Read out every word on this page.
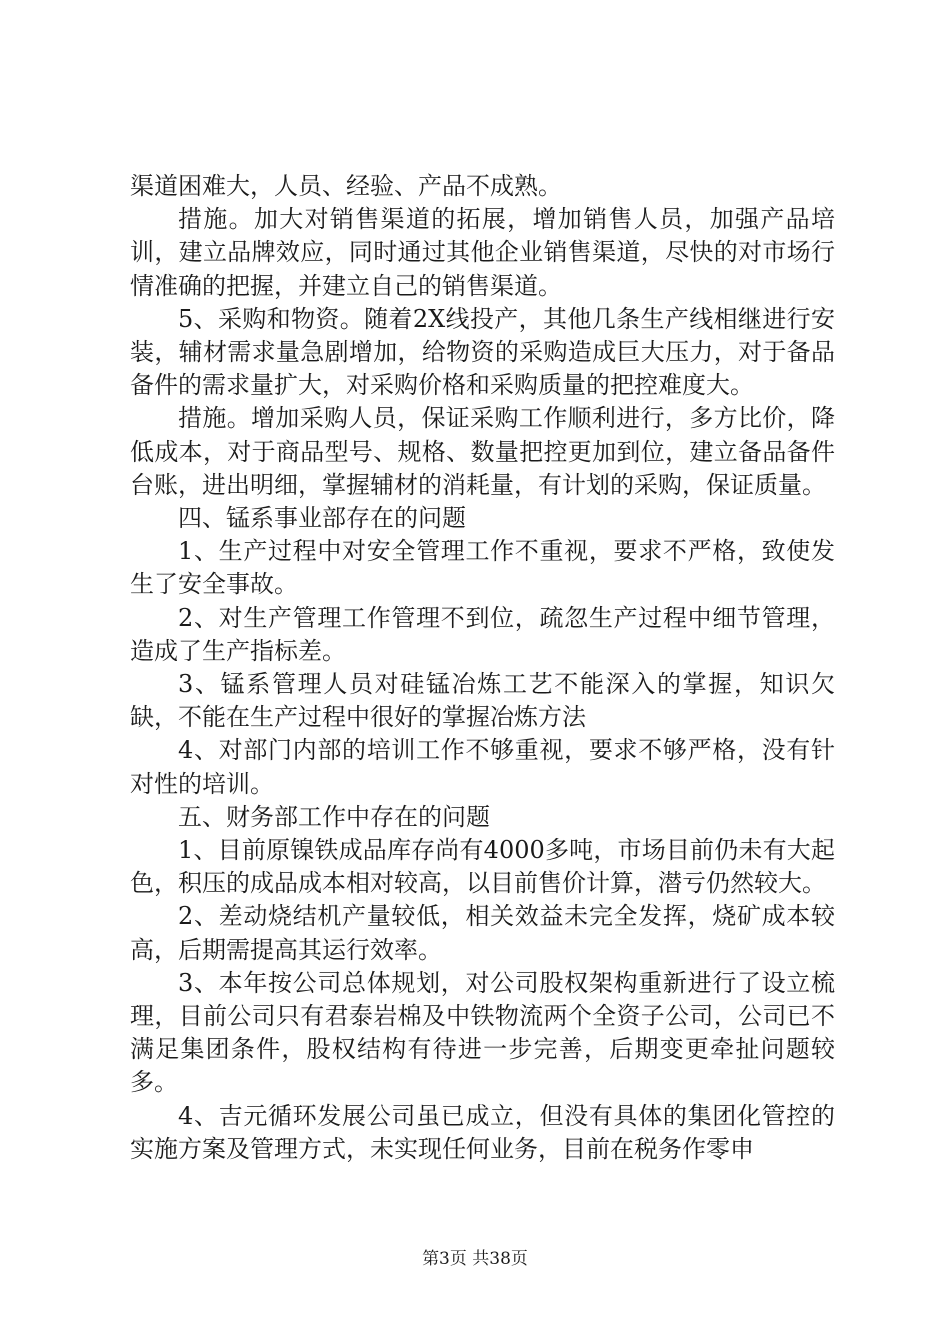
渠道困难大，人员、经验、产品不成熟。

措施。加大对销售渠道的拓展，增加销售人员，加强产品培训，建立品牌效应，同时通过其他企业销售渠道，尽快的对市场行情准确的把握，并建立自己的销售渠道。

5、采购和物资。随着2X线投产，其他几条生产线相继进行安装，辅材需求量急剧增加，给物资的采购造成巨大压力，对于备品备件的需求量扩大，对采购价格和采购质量的把控难度大。

措施。增加采购人员，保证采购工作顺利进行，多方比价，降低成本，对于商品型号、规格、数量把控更加到位，建立备品备件台账，进出明细，掌握辅材的消耗量，有计划的采购，保证质量。

四、锰系事业部存在的问题

1、生产过程中对安全管理工作不重视，要求不严格，致使发生了安全事故。

2、对生产管理工作管理不到位，疏忽生产过程中细节管理，造成了生产指标差。

3、锰系管理人员对硅锰冶炼工艺不能深入的掌握，知识欠缺，不能在生产过程中很好的掌握冶炼方法

4、对部门内部的培训工作不够重视，要求不够严格，没有针对性的培训。

五、财务部工作中存在的问题

1、目前原镍铁成品库存尚有4000多吨，市场目前仍未有大起色，积压的成品成本相对较高，以目前售价计算，潜亏仍然较大。

2、差动烧结机产量较低，相关效益未完全发挥，烧矿成本较高，后期需提高其运行效率。

3、本年按公司总体规划，对公司股权架构重新进行了设立梳理，目前公司只有君泰岩棉及中铁物流两个全资子公司，公司已不满足集团条件，股权结构有待进一步完善，后期变更牵扯问题较多。

4、吉元循环发展公司虽已成立，但没有具体的集团化管控的实施方案及管理方式，未实现任何业务，目前在税务作零申

第3页 共38页
